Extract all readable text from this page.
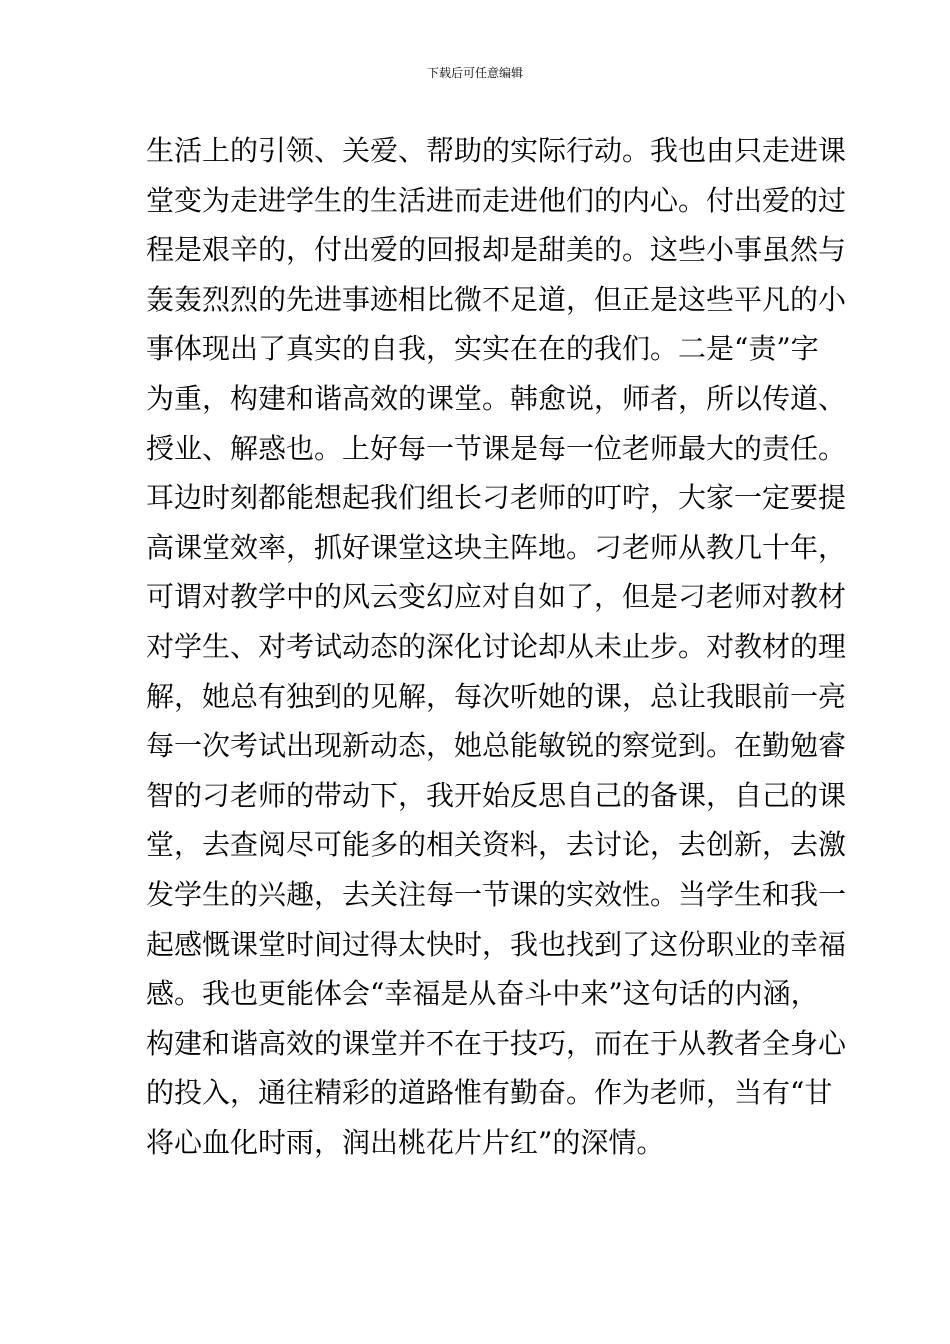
下载后可任意编辑
生活上的引领、关爱、帮助的实际行动。我也由只走进课
堂变为走进学生的生活进而走进他们的内心。付出爱的过
程是艰辛的，付出爱的回报却是甜美的。这些小事虽然与
轰轰烈烈的先进事迹相比微不足道，但正是这些平凡的小
事体现出了真实的自我，实实在在的我们。二是“责”字
为重，构建和谐高效的课堂。韩愈说，师者，所以传道、
授业、解惑也。上好每一节课是每一位老师最大的责任。
耳边时刻都能想起我们组长刁老师的叮咛，大家一定要提
高课堂效率，抓好课堂这块主阵地。刁老师从教几十年，
可谓对教学中的风云变幻应对自如了，但是刁老师对教材
对学生、对考试动态的深化讨论却从未止步。对教材的理
解，她总有独到的见解，每次听她的课，总让我眼前一亮
每一次考试出现新动态，她总能敏锐的察觉到。在勤勉睿
智的刁老师的带动下，我开始反思自己的备课，自己的课
堂，去查阅尽可能多的相关资料，去讨论，去创新，去激
发学生的兴趣，去关注每一节课的实效性。当学生和我一
起感慨课堂时间过得太快时，我也找到了这份职业的幸福
感。我也更能体会“幸福是从奋斗中来”这句话的内涵，
构建和谐高效的课堂并不在于技巧，而在于从教者全身心
的投入，通往精彩的道路惟有勤奋。作为老师，当有“甘
将心血化时雨，润出桃花片片红”的深情。
